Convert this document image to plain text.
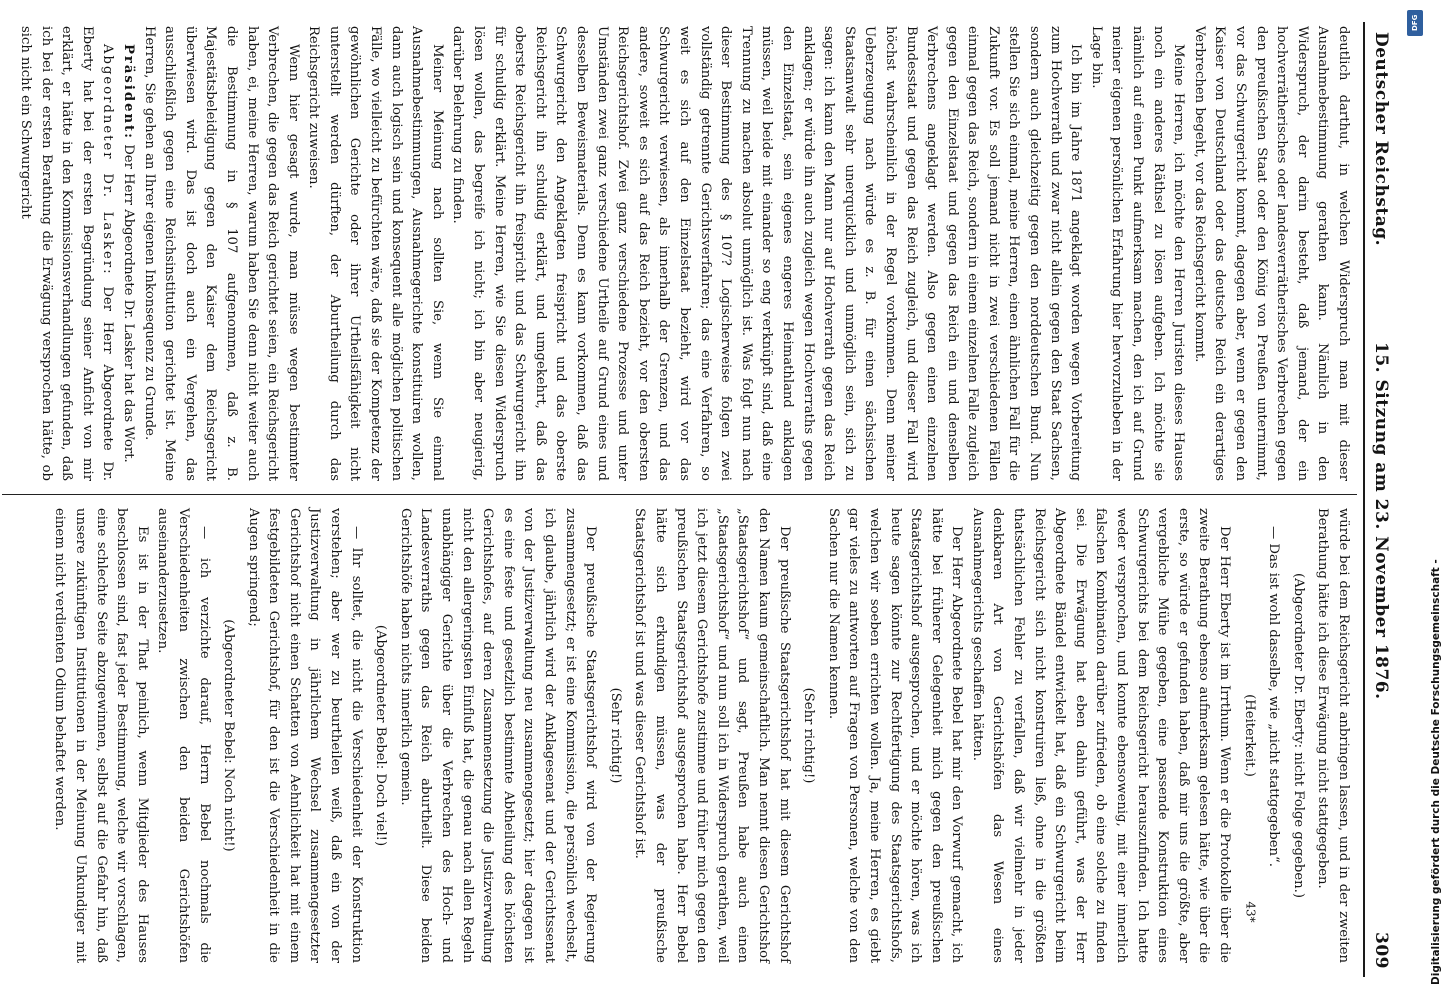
Deutscher Reichstag.
15. Sitzung am 23. November 1876.
309

deutlich darthut, in welchen Widerspruch man mit dieser Ausnahmebestimmung gerathen kann. Nämlich in den Widerspruch, der darin besteht, daß jemand, der ein hochverrätherisches oder landesverrätherisches Verbrechen gegen den preußischen Staat oder den König von Preußen unternimmt, vor das Schwurgericht kommt, dagegen aber, wenn er gegen den Kaiser von Deutschland oder das deutsche Reich ein derartiges Verbrechen begeht, vor das Reichsgericht kommt.

Meine Herren, ich möchte den Herren Juristen dieses Hauses noch ein anderes Räthsel zu lösen aufgeben. Ich möchte sie nämlich auf einen Punkt aufmerksam machen, den ich auf Grund meiner eigenen persönlichen Erfahrung hier hervorzuheben in der Lage bin.

Ich bin im Jahre 1871 angeklagt worden wegen Vorbereitung zum Hochverrath und zwar nicht allein gegen den Staat Sachsen, sondern auch gleichzeitig gegen den norddeutschen Bund. Nun stellen Sie sich einmal, meine Herren, einen ähnlichen Fall für die Zukunft vor. Es soll jemand nicht in zwei verschiedenen Fällen einmal gegen das Reich, sondern in einem einzelnen Falle zugleich gegen den Einzelstaat und gegen das Reich ein und denselben Verbrechens angeklagt werden. Also gegen einen einzelnen Bundesstaat und gegen das Reich zugleich, und dieser Fall wird höchst wahrscheinlich in der Regel vorkommen. Denn meiner Ueberzeugung nach würde es z. B. für einen sächsischen Staatsanwalt sehr unerquicklich und unmöglich sein, sich zu sagen: ich kann den Mann nur auf Hochverrath gegen das Reich anklagen; er würde ihn auch zugleich wegen Hochverraths gegen den Einzelstaat, sein eigenes engeres Heimathland anklagen müssen, weil beide mit einander so eng verknüpft sind, daß eine Trennung zu machen absolut unmöglich ist. Was folgt nun nach dieser Bestimmung des § 107? Logischerweise folgen zwei vollständig getrennte Gerichtsverfahren; das eine Verfahren, so weit es sich auf den Einzelstaat bezieht, wird vor das Schwurgericht verwiesen, als innerhalb der Grenzen, und das andere, soweit es sich auf das Reich bezieht, vor den obersten Reichsgerichtshof. Zwei ganz verschiedene Prozesse und unter Umständen zwei ganz verschiedene Urtheile auf Grund eines und desselben Beweismaterials. Denn es kann vorkommen, daß das Schwurgericht den Angeklagten freispricht und das oberste Reichsgericht ihn schuldig erklärt, und umgekehrt, daß das oberste Reichsgericht ihn freispricht und das Schwurgericht ihn für schuldig erklärt. Meine Herren, wie Sie diesen Widerspruch lösen wollen, das begreife ich nicht; ich bin aber neugierig, darüber Belehrung zu finden.

Meiner Meinung nach sollten Sie, wenn Sie einmal Ausnahmebestimmungen, Ausnahmegerichte konstituiren wollen, dann auch logisch sein und konsequent alle möglichen politischen Fälle, wo vielleicht zu befürchten wäre, daß sie der Kompetenz der gewöhnlichen Gerichte oder ihrer Urtheilsfähigkeit nicht unterstellt werden dürften, der Aburtheilung durch das Reichsgericht zuweisen.

Wenn hier gesagt wurde, man müsse wegen bestimmter Verbrechen, die gegen das Reich gerichtet seien, ein Reichsgericht haben, ei, meine Herren, warum haben Sie denn nicht weiter auch die Bestimmung in § 107 aufgenommen, daß z. B. Majestätsbeleidigung gegen den Kaiser dem Reichsgericht überwiesen wird. Das ist doch auch ein Vergehen, das ausschließlich gegen eine Reichsinstitution gerichtet ist. Meine Herren, Sie gehen an Ihrer eigenen Inkonsequenz zu Grunde.

Präsident: Der Herr Abgeordnete Dr. Lasker hat das Wort.

Abgeordneter Dr. Lasker: Der Herr Abgeordnete Dr. Eberty hat bei der ersten Begründung seiner Anficht von mir erklärt, er hätte in den Kommissionsverhandlungen gefunden, daß ich bei der ersten Berathung die Erwägung versprochen hätte, ob sich nicht ein Schwurgericht

würde bei dem Reichsgericht anbringen lassen, und in der zweiten Berathung hätte ich diese Erwägung nicht stattgegeben.

(Abgeordneter Dr. Eberty: nicht Folge gegeben.)

— Das ist wohl dasselbe, wie „nicht stattgegeben“.

(Heiterkeit.)

Der Herr Eberty ist im Irrthum. Wenn er die Protokolle über die zweite Berathung ebenso aufmerksam gelesen hätte, wie über die erste, so würde er gefunden haben, daß mir uns die größte, aber vergebliche Mühe gegeben, eine passende Konstruktion eines Schwurgerichts bei dem Reichsgericht herauszufinden. Ich hatte weder versprochen, und konnte ebensowenig, mit einer innerlich falschen Kombination darüber zufrieden, ob eine solche zu finden sei. Die Erwägung hat eben dahin geführt, was der Herr Abgeordnete Bändel entwickelt hat, daß ein Schwurgericht beim Reichsgericht sich nicht konstruiren ließ, ohne in die größten thatsächlichen Fehler zu verfallen, daß wir vielmehr in jeder denkbaren Art von Gerichtshöfen das Wesen eines Ausnahmegerichts geschaffen hätten.

Der Herr Abgeordnete Bebel hat mir den Vorwurf gemacht, ich hätte bei früherer Gelegenheit mich gegen den preußischen Staatsgerichtshof ausgesprochen, und er möchte hören, was ich heute sagen könnte zur Rechtfertigung des Staatsgerichtshofs, welchen wir soeben errichten wollen. Ja, meine Herren, es giebt gar vieles zu antworten auf Fragen von Personen, welche von den Sachen nur die Namen kennen.

(Sehr richtig!)

Der preußische Staatsgerichtshof hat mit diesem Gerichtshof den Namen kaum gemeinschaftlich. Man nennt diesen Gerichtshof „Staatsgerichtshof“ und sagt, Preußen habe auch einen „Staatsgerichtshof“ und nun soll ich in Widerspruch gerathen, weil ich jetzt diesem Gerichtshofe zustimme und früher mich gegen den preußischen Staatsgerichtshof ausgesprochen habe. Herr Bebel hätte sich erkundigen müssen, was der preußische Staatsgerichtshof ist und was dieser Gerichtshof ist.

(Sehr richtig!)

Der preußische Staatsgerichtshof wird von der Regierung zusammengesetzt; er ist eine Kommission, die persönlich wechselt, ich glaube, jährlich wird der Anklagesenat und der Gerichtssenat von der Justizverwaltung neu zusammengesetzt; hier dagegen ist es eine feste und gesetzlich bestimmte Abtheilung des höchsten Gerichtshofes, auf deren Zusammensetzung die Justizverwaltung nicht den allergeringsten Einfluß hat, die genau nach allen Regeln unabhängiger Gerichte über die Verbrechen des Hoch- und Landesverraths gegen das Reich aburtheilt. Diese beiden Gerichtshöfe haben nichts innerlich gemein.

(Abgeordneter Bebel: Doch viel!)

— Ihr solltet, die nicht die Verschiedenheit der Konstruktion verstehen; aber wer zu beurtheilen weiß, daß ein von der Justizverwaltung in jährlichem Wechsel zusammengesetzter Gerichtshof nicht einen Schatten von Aehnlichkeit hat mit einem festgebildeten Gerichtshof, für den ist die Verschiedenheit in die Augen springend;

(Abgeordneter Bebel: Noch nicht!)

— ich verzichte darauf, Herrn Bebel nochmals die Verschiedenheiten zwischen den beiden Gerichtshöfen auseinanderzusetzen.

Es ist in der That peinlich, wenn Mitglieder des Hauses beschlossen sind, fast jeder Bestimmung, welche wir vorschlagen, eine schlechte Seite abzugewinnen, selbst auf die Gefahr hin, daß unsere zukünftigen Institutionen in der Meinung Unkundiger mit einem nicht verdienten Odium behaftet werden.

43*
DFG
Digitalisierung gefördert durch die Deutsche Forschungsgemeinschaft -
